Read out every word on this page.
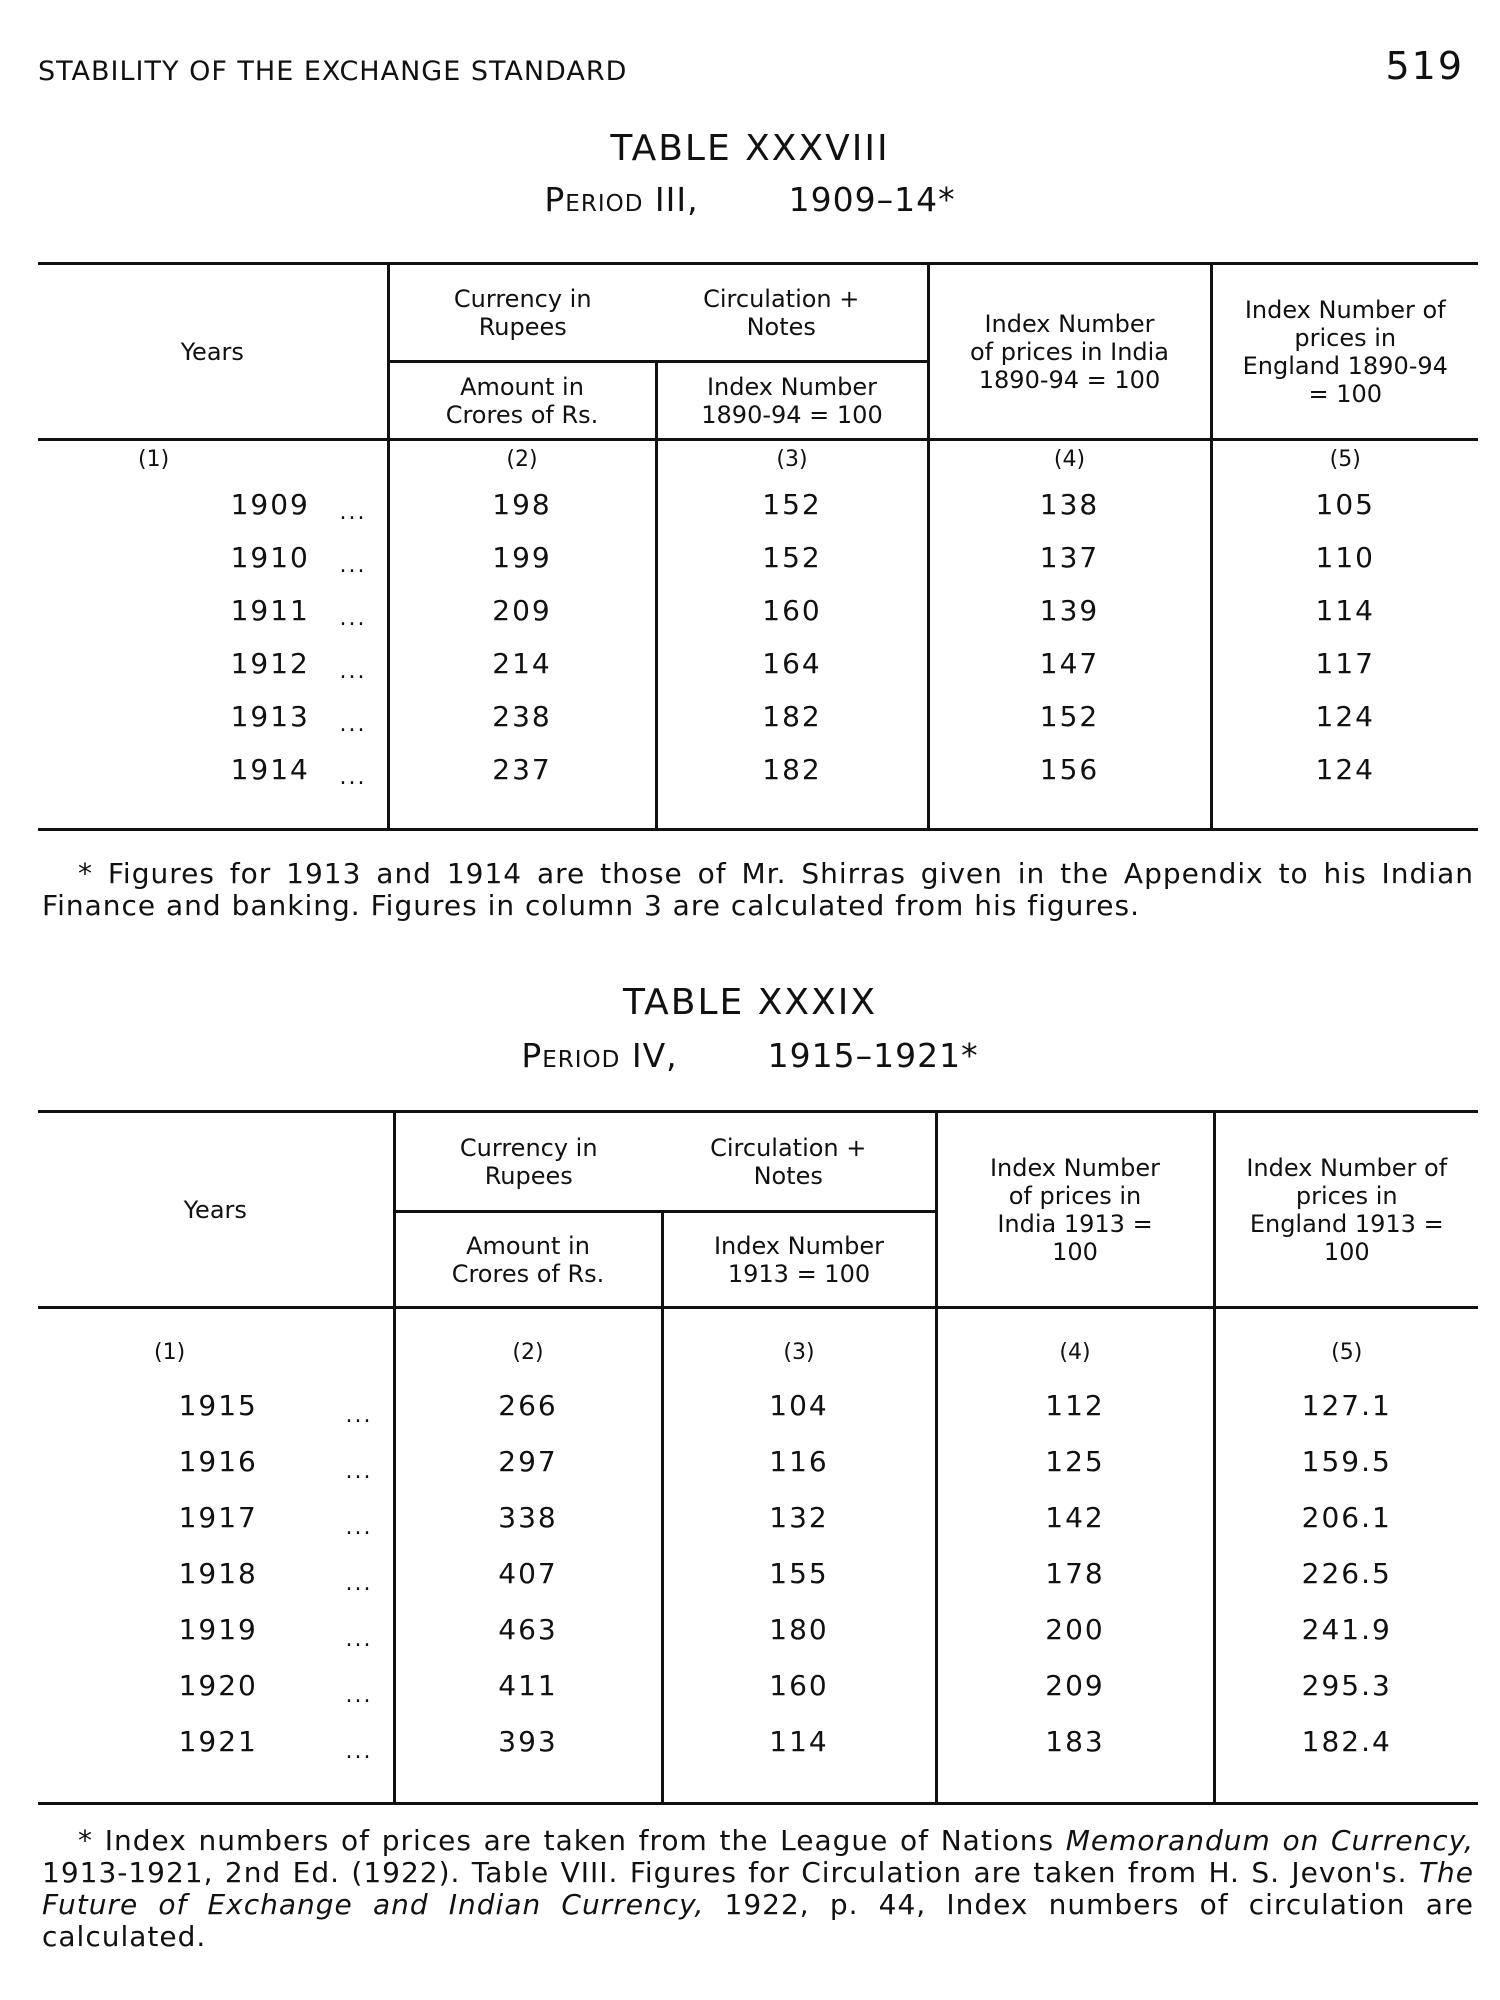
STABILITY OF THE EXCHANGE STANDARD	519
TABLE XXXVIII
Period III,	1909–14*
Years	Currency in Rupees	Circulation + Notes	Index Number of prices in India 1890-94 = 100	Index Number of prices in England 1890-94 = 100
	Amount in Crores of Rs.	Index Number 1890-94 = 100		
(1)	(2)	(3)	(4)	(5)
1909 ...	198	152	138	105
1910 ...	199	152	137	110
1911 ...	209	160	139	114
1912 ...	214	164	147	117
1913 ...	238	182	152	124
1914 ...	237	182	156	124

* Figures for 1913 and 1914 are those of Mr. Shirras given in the Appendix to his Indian Finance and banking. Figures in column 3 are calculated from his figures.
TABLE XXXIX
Period IV,	1915–1921*
Years	Currency in Rupees	Circulation + Notes	Index Number of prices in India 1913 = 100	Index Number of prices in England 1913 = 100
	Amount in Crores of Rs.	Index Number 1913 = 100		
(1)	(2)	(3)	(4)	(5)
1915 ...	266	104	112	127.1
1916 ...	297	116	125	159.5
1917 ...	338	132	142	206.1
1918 ...	407	155	178	226.5
1919 ...	463	180	200	241.9
1920 ...	411	160	209	295.3
1921 ...	393	114	183	182.4

* Index numbers of prices are taken from the League of Nations Memorandum on Currency, 1913-1921, 2nd Ed. (1922). Table VIII. Figures for Circulation are taken from H. S. Jevon's. The Future of Exchange and Indian Currency, 1922, p. 44, Index numbers of circulation are calculated.
